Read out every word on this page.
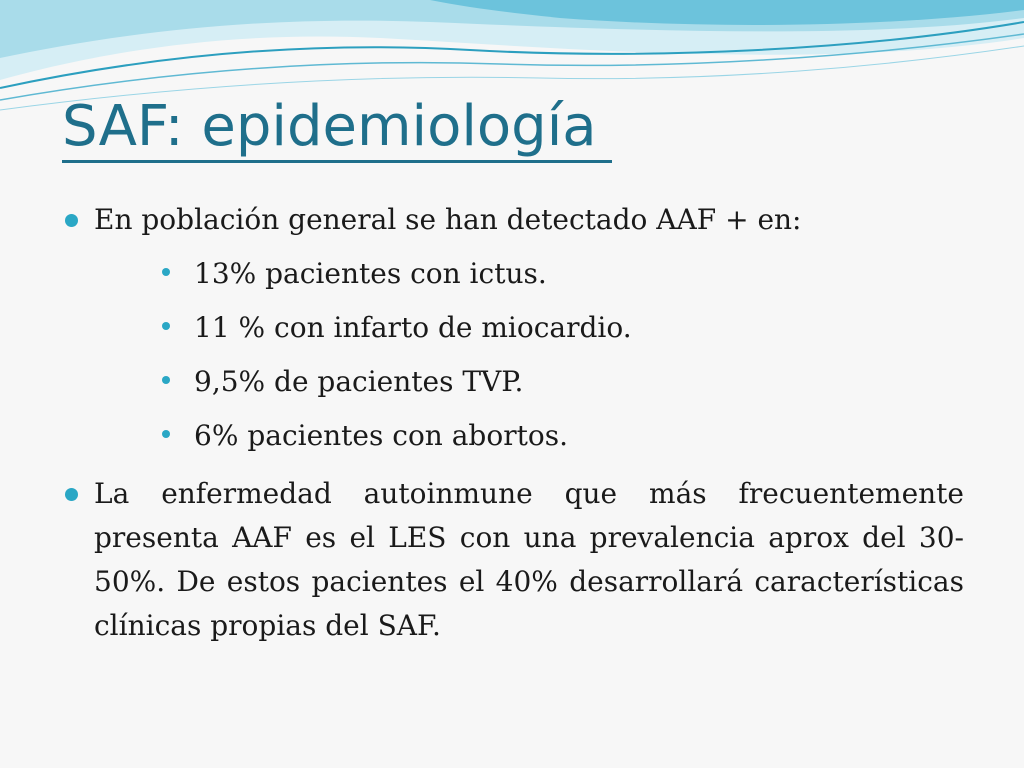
SAF: epidemiología
En población general se han detectado AAF + en:
13% pacientes con ictus.
11 % con infarto de miocardio.
9,5% de pacientes TVP.
6% pacientes con abortos.
La enfermedad autoinmune que más frecuentemente presenta AAF es el LES con una prevalencia aprox del 30-50%. De estos pacientes el 40% desarrollará características clínicas propias del SAF.
